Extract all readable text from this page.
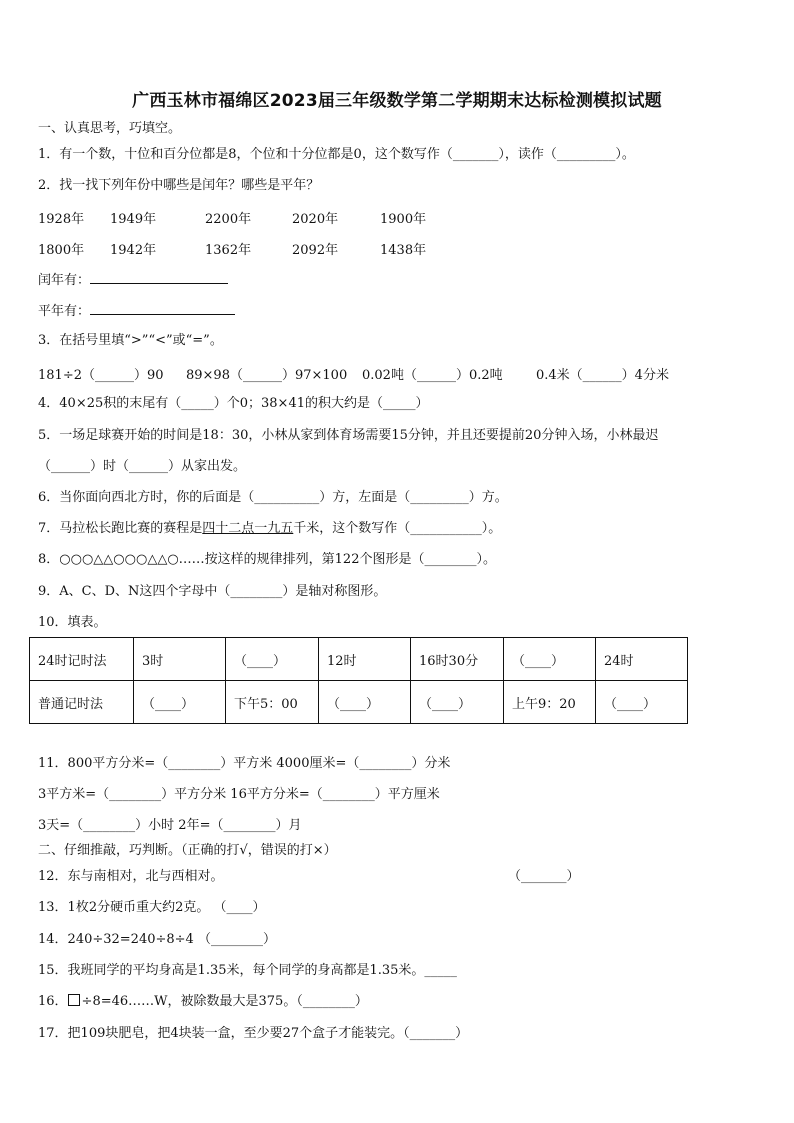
广西玉林市福绵区2023届三年级数学第二学期期末达标检测模拟试题
一、认真思考，巧填空。
1．有一个数，十位和百分位都是8，个位和十分位都是0，这个数写作（_______），读作（_________）。
2．找一找下列年份中哪些是闰年？哪些是平年？
1928年 1949年	2200年	2020年	1900年
1800年 1942年	1362年	2092年	1438年
闰年有：
平年有：
3．在括号里填“>”“<”或“=”。
181÷2（______）90 89×98（______）97×100 0.02吨（______）0.2吨	0.4米（______）4分米
4．40×25积的末尾有（_____）个0；38×41的积大约是（_____）
5．一场足球赛开始的时间是18：30，小林从家到体育场需要15分钟，并且还要提前20分钟入场，小林最迟
（______）时（______）从家出发。
6．当你面向西北方时，你的后面是（__________）方，左面是（_________）方。
7．马拉松长跑比赛的赛程是四十二点一九五千米，这个数写作（___________）。
8．○○○△△○○○△△○……按这样的规律排列，第122个图形是（________）。
9．A、C、D、N这四个字母中（________）是轴对称图形。
10．填表。
24时记时法	3时	（____）	12时	16时30分	（____）	24时
普通记时法	（____）	下午5：00	（____）	（____）	上午9：20	（____）
11．800平方分米=（________）平方米 4000厘米=（________）分米
3平方米=（________）平方分米 16平方分米=（________）平方厘米
3天=（________）小时 2年=（________）月
二、仔细推敲，巧判断。（正确的打√，错误的打×）
12．东与南相对，北与西相对。	（_______）
13．1枚2分硬币重大约2克。 （____）
14．240÷32=240÷8÷4 （________）
15．我班同学的平均身高是1.35米，每个同学的身高都是1.35米。_____
16． ÷8=46……W，被除数最大是375。（________）
17．把109块肥皂，把4块装一盒，至少要27个盒子才能装完。（_______）
